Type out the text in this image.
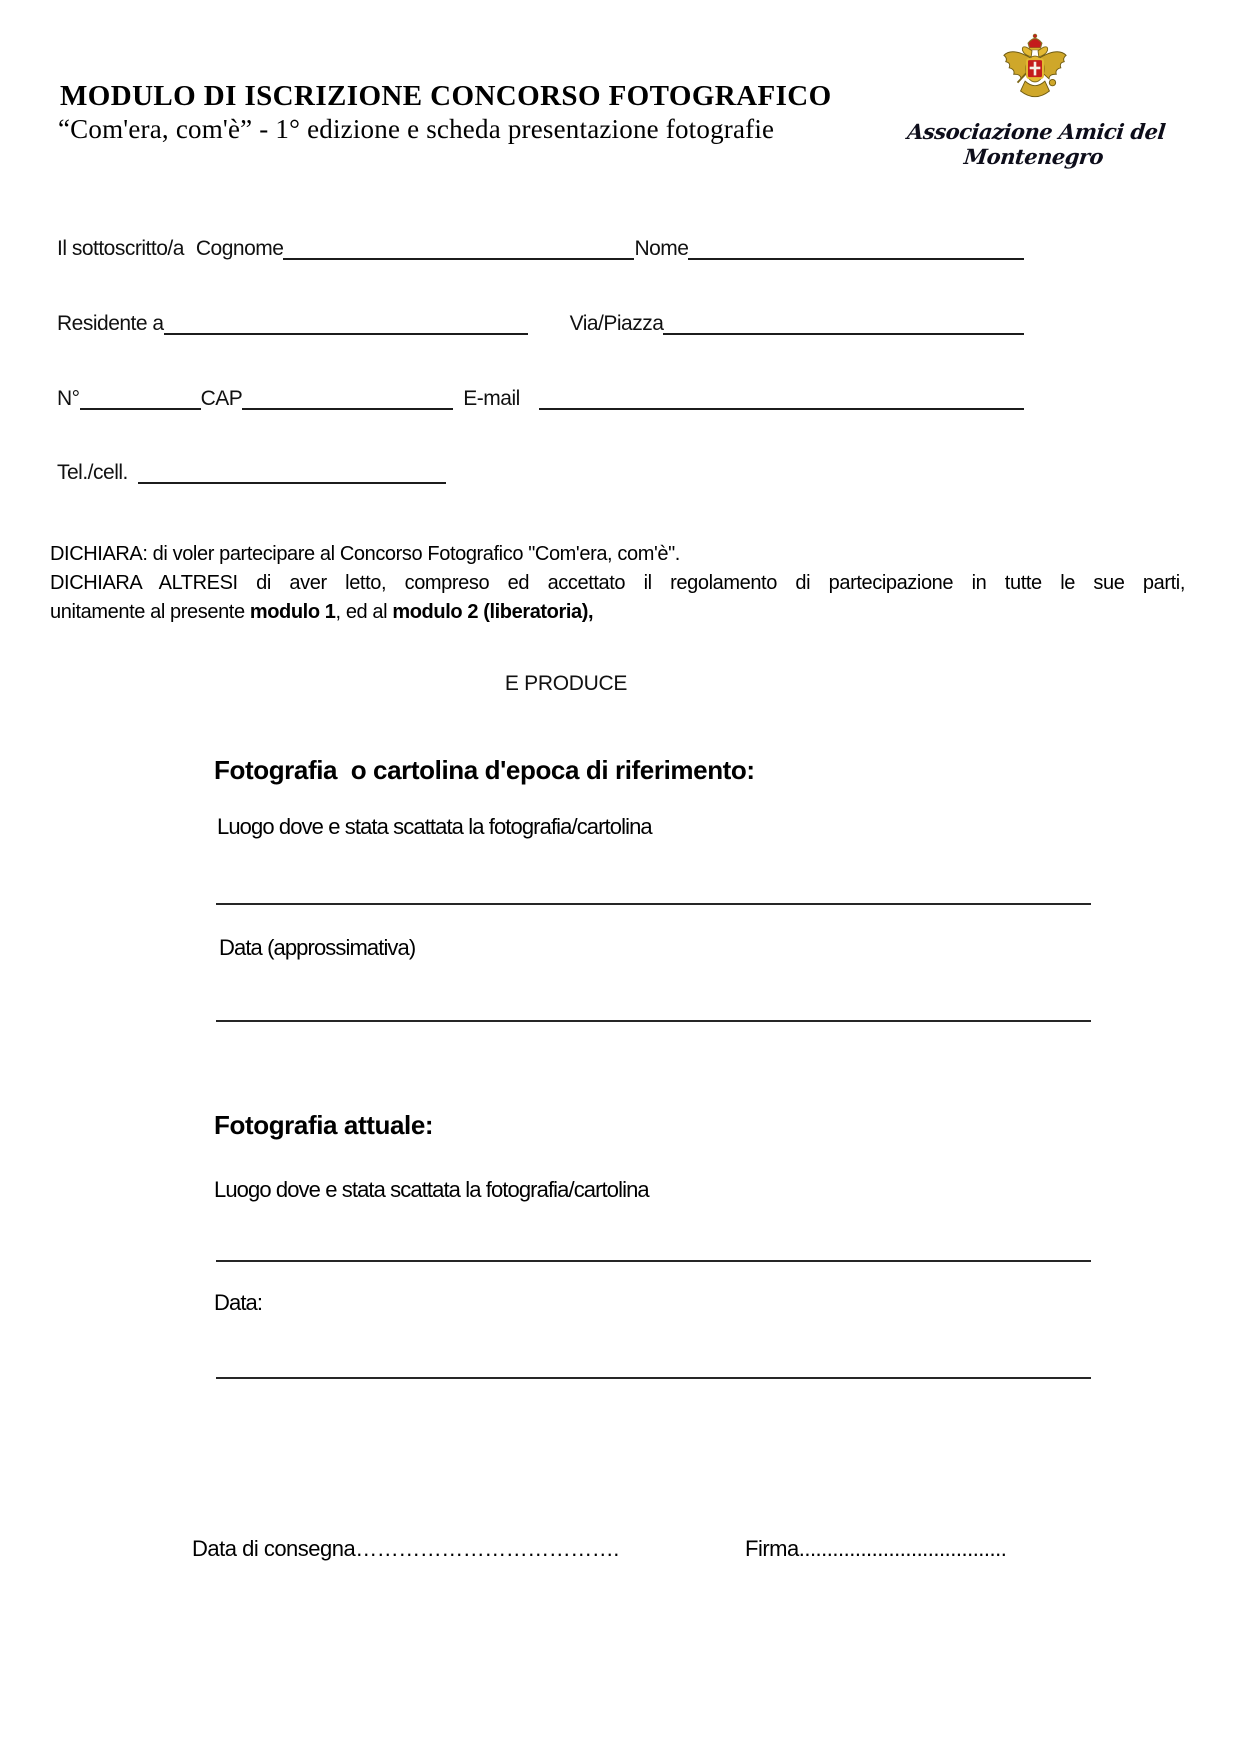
MODULO DI ISCRIZIONE CONCORSO FOTOGRAFICO
“Com'era, com'è” - 1° edizione e scheda presentazione fotografie	Associazione Amici del Montenegro
Il sottoscritto/a Cognome	Nome
Residente a	Via/Piazza
N°	CAP	E-mail
Tel./cell.
DICHIARA: di voler partecipare al Concorso Fotografico "Com'era, com'è".
DICHIARA ALTRESI di aver letto, compreso ed accettato il regolamento di partecipazione in tutte le sue parti,
unitamente al presente modulo 1, ed al modulo 2 (liberatoria),
E PRODUCE
Fotografia  o cartolina d'epoca di riferimento:
Luogo dove e stata scattata la fotografia/cartolina
Data (approssimativa)
Fotografia attuale:
Luogo dove e stata scattata la fotografia/cartolina
Data:
Data di consegna……………………………….	Firma.....................................
